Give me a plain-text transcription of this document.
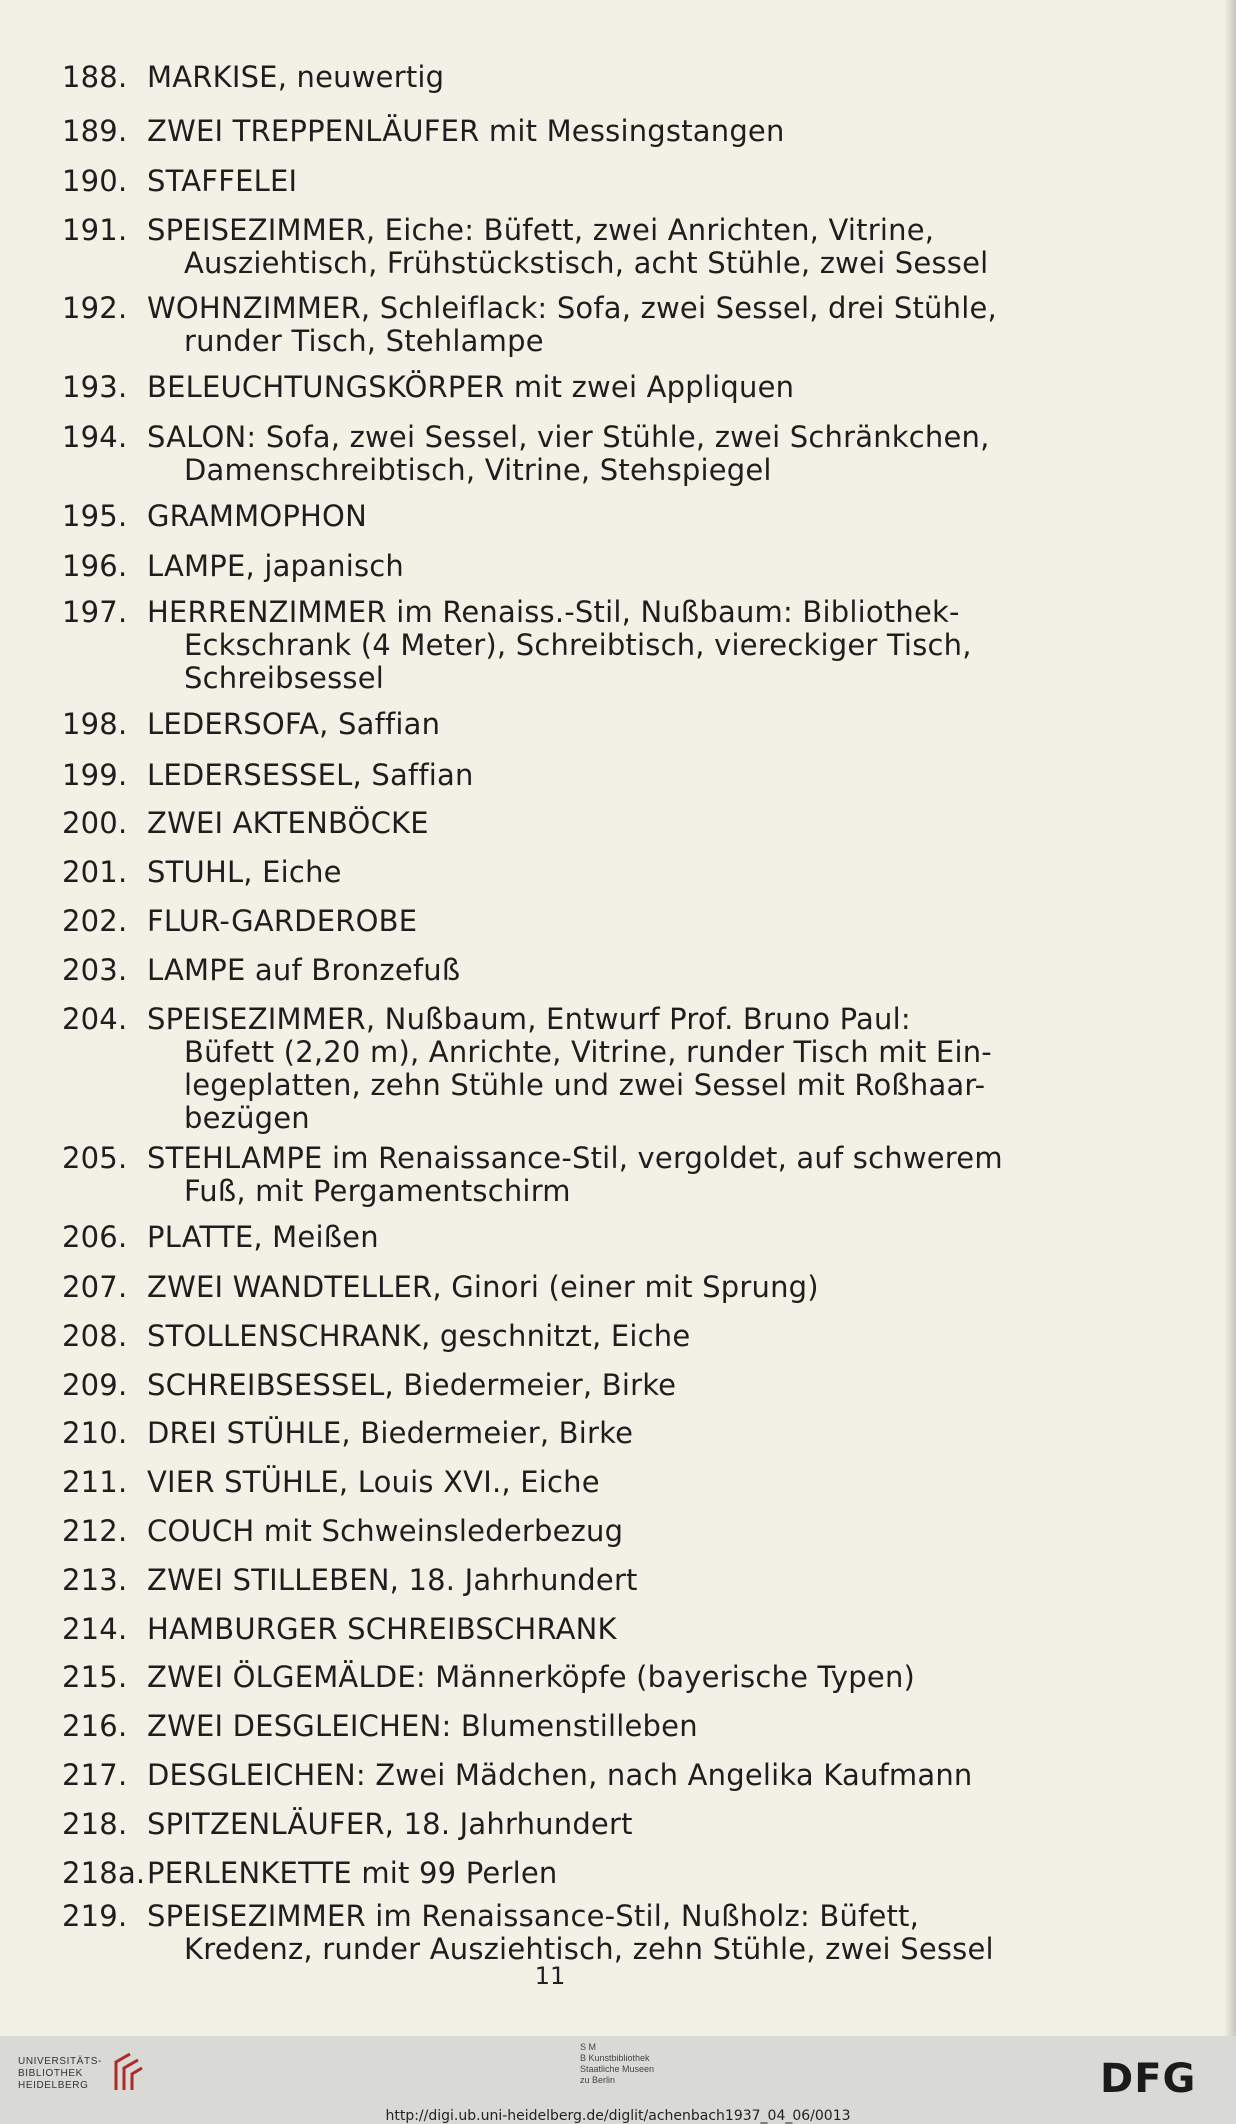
188. MARKISE, neuwertig
189. ZWEI TREPPENLÄUFER mit Messingstangen
190. STAFFELEI
191. SPEISEZIMMER, Eiche: Büfett, zwei Anrichten, Vitrine,
Ausziehtisch, Frühstückstisch, acht Stühle, zwei Sessel
192. WOHNZIMMER, Schleiflack: Sofa, zwei Sessel, drei Stühle,
runder Tisch, Stehlampe
193. BELEUCHTUNGSKÖRPER mit zwei Appliquen
194. SALON: Sofa, zwei Sessel, vier Stühle, zwei Schränkchen,
Damenschreibtisch, Vitrine, Stehspiegel
195. GRAMMOPHON
196. LAMPE, japanisch
197. HERRENZIMMER im Renaiss.-Stil, Nußbaum: Bibliothek-
Eckschrank (4 Meter), Schreibtisch, viereckiger Tisch,
Schreibsessel
198. LEDERSOFA, Saffian
199. LEDERSESSEL, Saffian
200. ZWEI AKTENBÖCKE
201. STUHL, Eiche
202. FLUR-GARDEROBE
203. LAMPE auf Bronzefuß
204. SPEISEZIMMER, Nußbaum, Entwurf Prof. Bruno Paul:
Büfett (2,20 m), Anrichte, Vitrine, runder Tisch mit Ein-
legeplatten, zehn Stühle und zwei Sessel mit Roßhaar-
bezügen
205. STEHLAMPE im Renaissance-Stil, vergoldet, auf schwerem
Fuß, mit Pergamentschirm
206. PLATTE, Meißen
207. ZWEI WANDTELLER, Ginori (einer mit Sprung)
208. STOLLENSCHRANK, geschnitzt, Eiche
209. SCHREIBSESSEL, Biedermeier, Birke
210. DREI STÜHLE, Biedermeier, Birke
211. VIER STÜHLE, Louis XVI., Eiche
212. COUCH mit Schweinslederbezug
213. ZWEI STILLEBEN, 18. Jahrhundert
214. HAMBURGER SCHREIBSCHRANK
215. ZWEI ÖLGEMÄLDE: Männerköpfe (bayerische Typen)
216. ZWEI DESGLEICHEN: Blumenstilleben
217. DESGLEICHEN: Zwei Mädchen, nach Angelika Kaufmann
218. SPITZENLÄUFER, 18. Jahrhundert
218a. PERLENKETTE mit 99 Perlen
219. SPEISEZIMMER im Renaissance-Stil, Nußholz: Büfett,
Kredenz, runder Ausziehtisch, zehn Stühle, zwei Sessel
11
UNIVERSITÄTS-
BIBLIOTHEK
HEIDELBERG
S M
B Kunstbibliothek
Staatliche Museen
zu Berlin	DFG
http://digi.ub.uni-heidelberg.de/diglit/achenbach1937_04_06/0013
